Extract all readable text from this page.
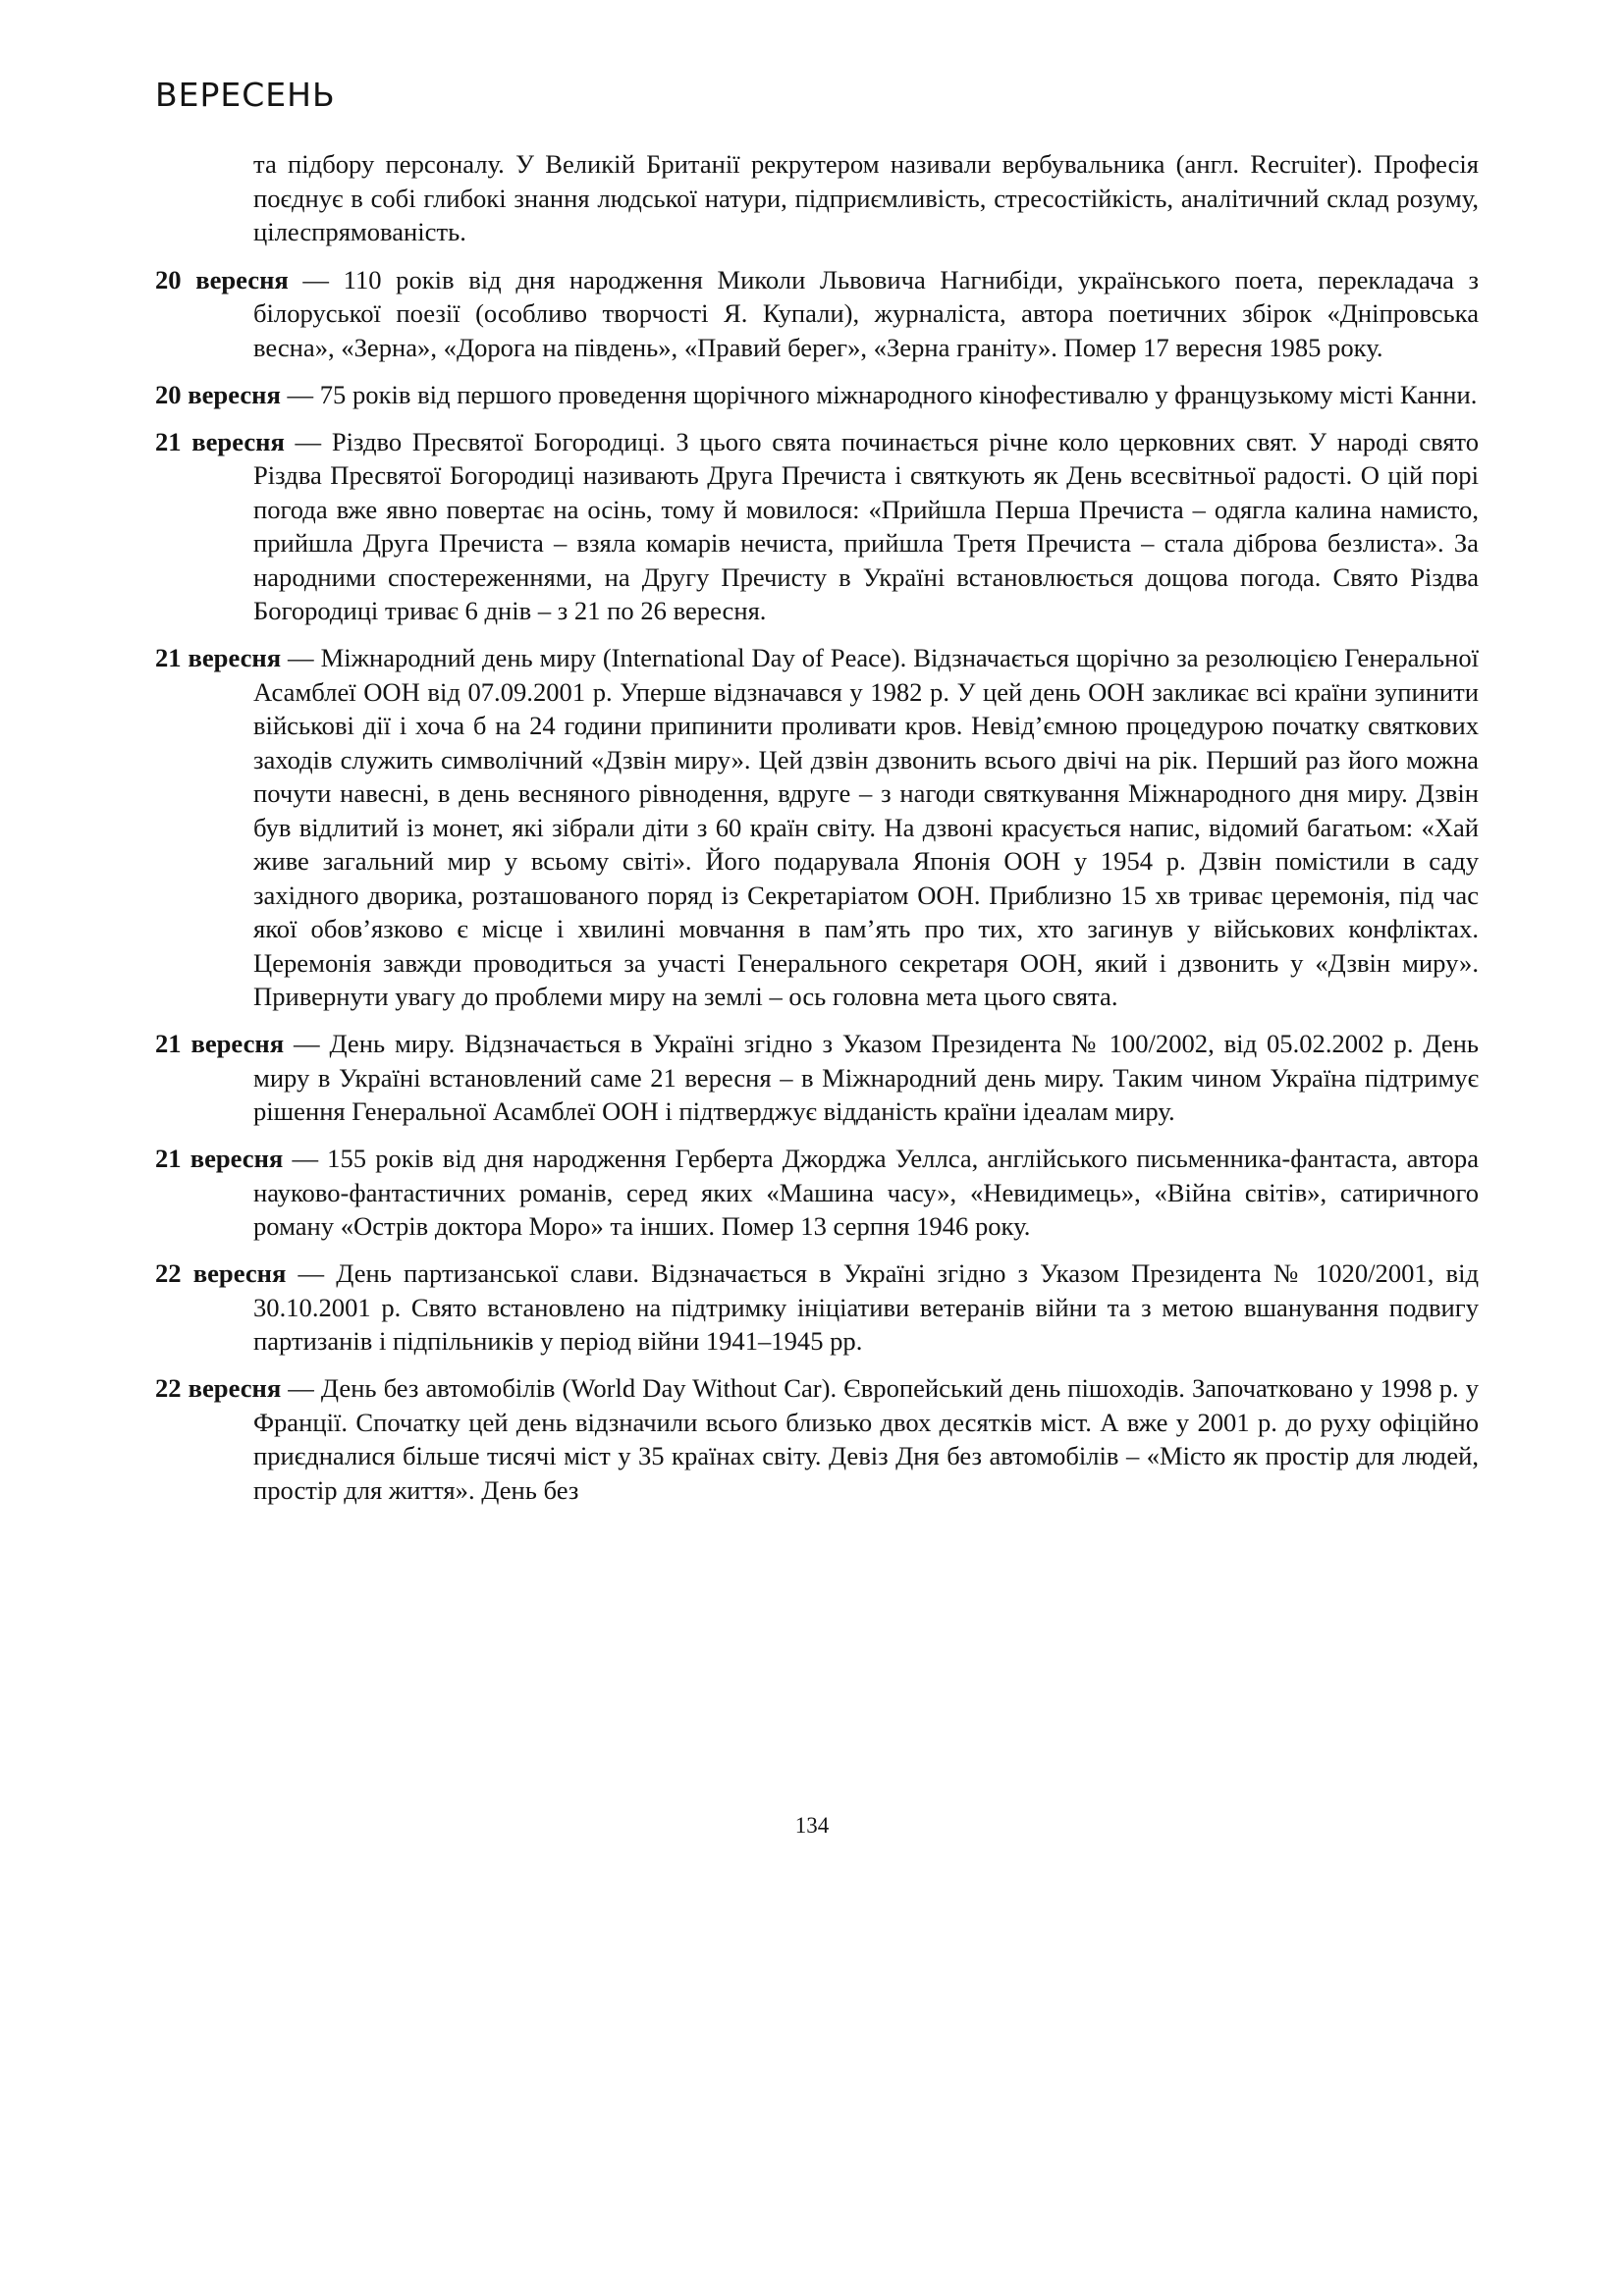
ВЕРЕСЕНЬ

та підбору персоналу. У Великій Британії рекрутером називали вербувальника (англ. Recruiter). Професія поєднує в собі глибокі знання людської натури, підприємливість, стресостійкість, аналітичний склад розуму, цілеспрямованість.

20 вересня — 110 років від дня народження Миколи Львовича Нагнибіди, українського поета, перекладача з білоруської поезії (особливо творчості Я. Купали), журналіста, автора поетичних збірок «Дніпровська весна», «Зерна», «Дорога на південь», «Правий берег», «Зерна граніту». Помер 17 вересня 1985 року.

20 вересня — 75 років від першого проведення щорічного міжнародного кінофестивалю у французькому місті Канни.

21 вересня — Різдво Пресвятої Богородиці. З цього свята починається річне коло церковних свят. У народі свято Різдва Пресвятої Богородиці називають Друга Пречиста і святкують як День всесвітньої радості. О цій порі погода вже явно повертає на осінь, тому й мовилося: «Прийшла Перша Пречиста – одягла калина намисто, прийшла Друга Пречиста – взяла комарів нечиста, прийшла Третя Пречиста – стала діброва безлиста». За народними спостереженнями, на Другу Пречисту в Україні встановлюється дощова погода. Свято Різдва Богородиці триває 6 днів – з 21 по 26 вересня.

21 вересня — Міжнародний день миру (International Day of Peace). Відзначається щорічно за резолюцією Генеральної Асамблеї ООН від 07.09.2001 р. Уперше відзначався у 1982 р. У цей день ООН закликає всі країни зупинити військові дії і хоча б на 24 години припинити проливати кров. Невід’ємною процедурою початку святкових заходів служить символічний «Дзвін миру». Цей дзвін дзвонить всього двічі на рік. Перший раз його можна почути навесні, в день весняного рівнодення, вдруге – з нагоди святкування Міжнародного дня миру. Дзвін був відлитий із монет, які зібрали діти з 60 країн світу. На дзвоні красується напис, відомий багатьом: «Хай живе загальний мир у всьому світі». Його подарувала Японія ООН у 1954 р. Дзвін помістили в саду західного дворика, розташованого поряд із Секретаріатом ООН. Приблизно 15 хв триває церемонія, під час якої обов’язково є місце і хвилині мовчання в пам’ять про тих, хто загинув у військових конфліктах. Церемонія завжди проводиться за участі Генерального секретаря ООН, який і дзвонить у «Дзвін миру». Привернути увагу до проблеми миру на землі – ось головна мета цього свята.

21 вересня — День миру. Відзначається в Україні згідно з Указом Президента № 100/2002, від 05.02.2002 р. День миру в Україні встановлений саме 21 вересня – в Міжнародний день миру. Таким чином Україна підтримує рішення Генеральної Асамблеї ООН і підтверджує відданість країни ідеалам миру.

21 вересня — 155 років від дня народження Герберта Джорджа Уеллса, англійського письменника-фантаста, автора науково-фантастичних романів, серед яких «Машина часу», «Невидимець», «Війна світів», сатиричного роману «Острів доктора Моро» та інших. Помер 13 серпня 1946 року.

22 вересня — День партизанської слави. Відзначається в Україні згідно з Указом Президента № 1020/2001, від 30.10.2001 р. Свято встановлено на підтримку ініціативи ветеранів війни та з метою вшанування подвигу партизанів і підпільників у період війни 1941–1945 рр.

22 вересня — День без автомобілів (World Day Without Car). Європейський день пішоходів. Започатковано у 1998 р. у Франції. Спочатку цей день відзначили всього близько двох десятків міст. А вже у 2001 р. до руху офіційно приєдналися більше тисячі міст у 35 країнах світу. Девіз Дня без автомобілів – «Місто як простір для людей, простір для життя». День без

134
